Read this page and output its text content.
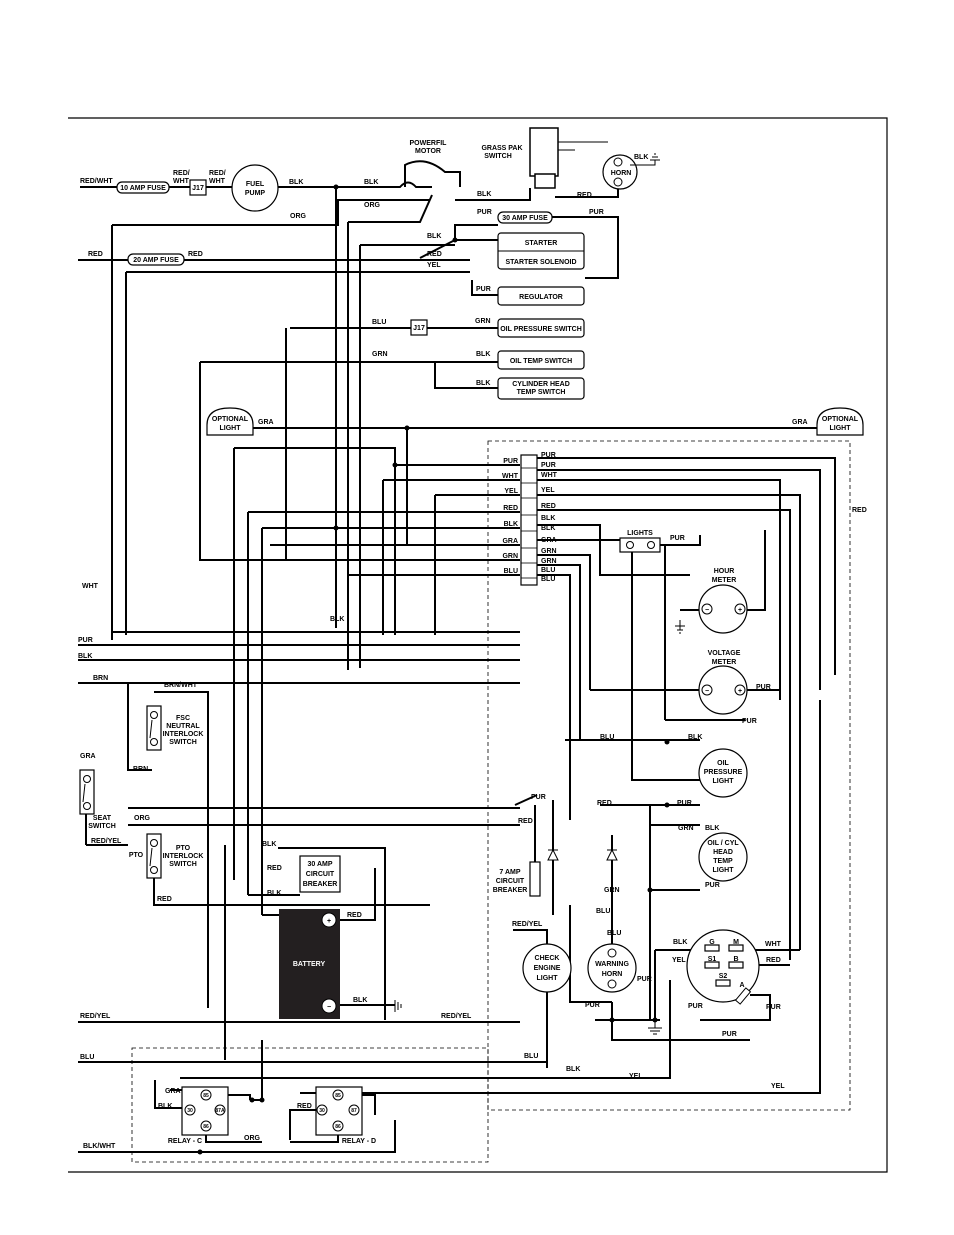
10 AMP FUSE
20 AMP FUSE
30 AMP FUSE
J17
J17
FUEL
PUMP
POWERFIL
MOTOR	GRASS PAK
SWITCH
HORN
STARTER
STARTER SOLENOID
REGULATOR
OIL PRESSURE SWITCH
OIL TEMP SWITCH
CYLINDER HEAD
TEMP SWITCH
OPTIONAL
LIGHT
OPTIONAL
LIGHT
PUR
WHT
YEL
RED
BLK
GRA
GRN
BLU
PUR
PUR
WHT
YEL
RED
BLK
BLK
GRA
GRN
GRN
BLU
BLU
LIGHTS
−	+
HOUR
METER
−	+
VOLTAGE
METER
OIL
PRESSURE
LIGHT
OIL / CYL
HEAD
TEMP
LIGHT
CHECK
ENGINE
LIGHT
WARNING
HORN
G	M
S1 B
S2
A
30 AMP
CIRCUIT
BREAKER
7 AMP
CIRCUIT
BREAKER
+
−
BATTERY
FSC
NEUTRAL
INTERLOCK
SWITCH
SEAT
SWITCH
PTO
PTO
INTERLOCK
SWITCH
85
30	87A
86
RELAY - C
85
30	87
86
RELAY - D
RED/WHT
RED/
WHT
RED/
WHT	BLK	BLK
ORG
ORG
BLK	RED
BLK
PUR	PUR
BLK
RED
YEL
RED	RED
PUR
BLU	GRN
GRN	BLK
BLK
GRA	GRA
RED
PUR
PUR
PUR
BLU	BLK
PUR
RED	PUR
RED
GRN BLK
GRN
PUR
BLU
BLU
RED/YEL
BLK	WHT
YEL	RED
PUR
PUR	PUR	PUR
PUR
WHT
PUR
BLK
BRN
BLK
BRN/WHT
BRN
GRA
ORG
RED/YEL	BLK
RED
BLK
RED
RED
BLK
RED/YEL	RED/YEL
BLU	BLU
BLK
YEL
YEL
GRA
BLK	RED
ORG
BLK/WHT
